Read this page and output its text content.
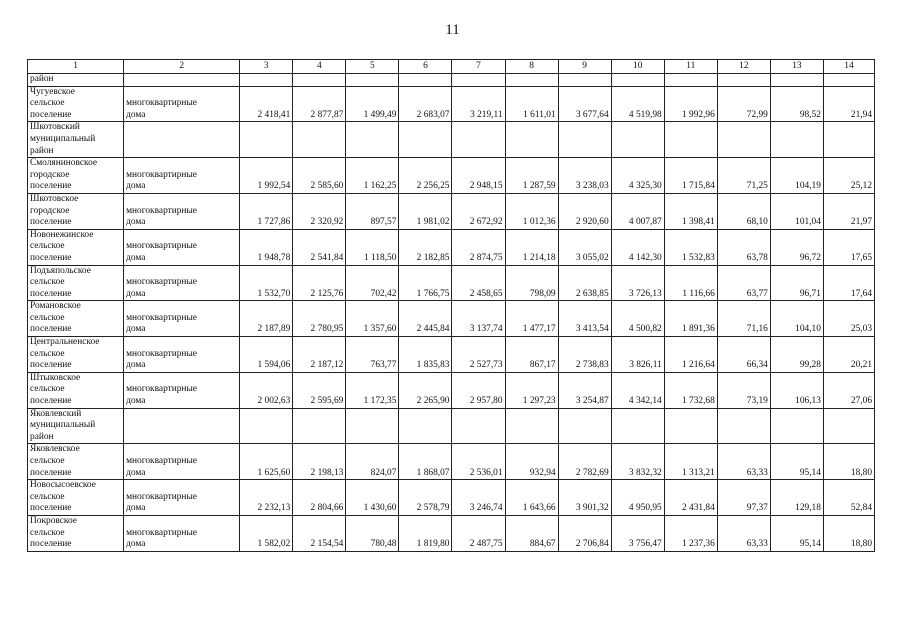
11
1	2	3	4	5	6	7	8	9	10	11	12	13	14

район													

Чугуевское
сельское
поселение	многоквартирные
дома	2 418,41	2 877,87	1 499,49	2 683,07	3 219,11	1 611,01	3 677,64	4 519,98	1 992,96	72,99	98,52	21,94

Шкотовский
муниципальный
район													

Смоляниновское
городское
поселение	многоквартирные
дома	1 992,54	2 585,60	1 162,25	2 256,25	2 948,15	1 287,59	3 238,03	4 325,30	1 715,84	71,25	104,19	25,12

Шкотовское
городское
поселение	многоквартирные
дома	1 727,86	2 320,92	897,57	1 981,02	2 672,92	1 012,36	2 920,60	4 007,87	1 398,41	68,10	101,04	21,97

Новонежинское
сельское
поселение	многоквартирные
дома	1 948,78	2 541,84	1 118,50	2 182,85	2 874,75	1 214,18	3 055,02	4 142,30	1 532,83	63,78	96,72	17,65

Подъяпольское
сельское
поселение	многоквартирные
дома	1 532,70	2 125,76	702,42	1 766,75	2 458,65	798,09	2 638,85	3 726,13	1 116,66	63,77	96,71	17,64

Романовское
сельское
поселение	многоквартирные
дома	2 187,89	2 780,95	1 357,60	2 445,84	3 137,74	1 477,17	3 413,54	4 500,82	1 891,36	71,16	104,10	25,03

Центральненское
сельское
поселение	многоквартирные
дома	1 594,06	2 187,12	763,77	1 835,83	2 527,73	867,17	2 738,83	3 826,11	1 216,64	66,34	99,28	20,21

Штыковское
сельское
поселение	многоквартирные
дома	2 002,63	2 595,69	1 172,35	2 265,90	2 957,80	1 297,23	3 254,87	4 342,14	1 732,68	73,19	106,13	27,06

Яковлевский
муниципальный
район													

Яковлевское
сельское
поселение	многоквартирные
дома	1 625,60	2 198,13	824,07	1 868,07	2 536,01	932,94	2 782,69	3 832,32	1 313,21	63,33	95,14	18,80

Новосысоевское
сельское
поселение	многоквартирные
дома	2 232,13	2 804,66	1 430,60	2 578,79	3 246,74	1 643,66	3 901,32	4 950,95	2 431,84	97,37	129,18	52,84

Покровское
сельское
поселение	многоквартирные
дома	1 582,02	2 154,54	780,48	1 819,80	2 487,75	884,67	2 706,84	3 756,47	1 237,36	63,33	95,14	18,80
